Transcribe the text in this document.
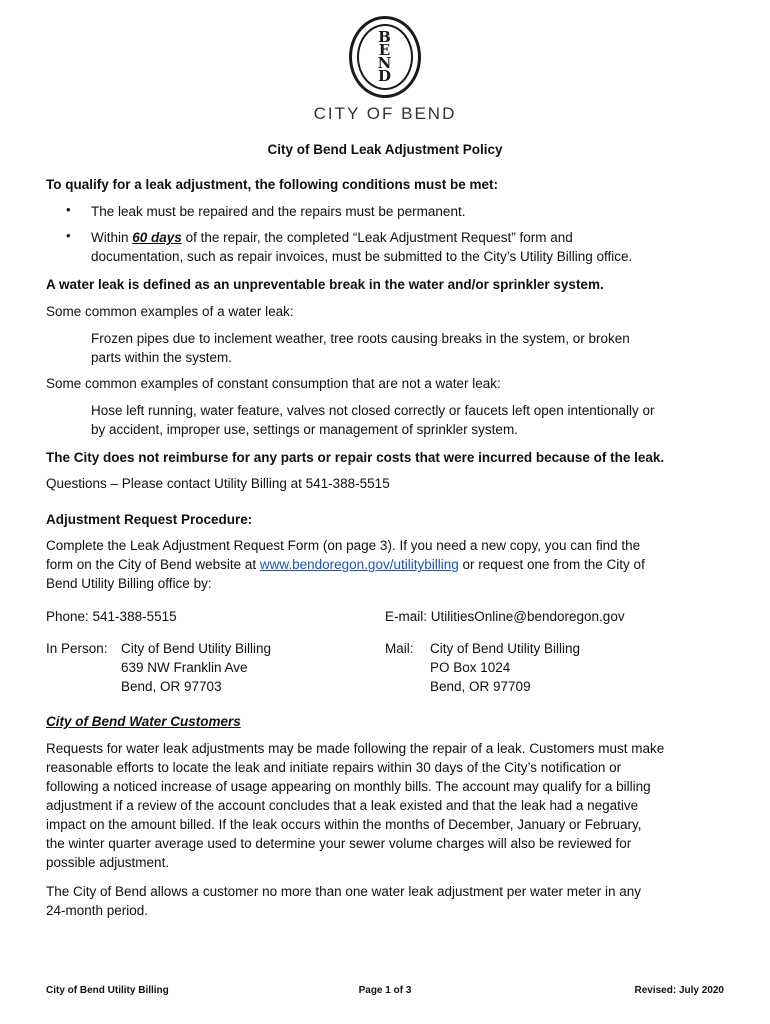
B
E
N
D
CITY OF BEND

City of Bend Leak Adjustment Policy

To qualify for a leak adjustment, the following conditions must be met:

• The leak must be repaired and the repairs must be permanent.

• Within 60 days of the repair, the completed “Leak Adjustment Request” form and
documentation, such as repair invoices, must be submitted to the City’s Utility Billing office.

A water leak is defined as an unpreventable break in the water and/or sprinkler system.

Some common examples of a water leak:

Frozen pipes due to inclement weather, tree roots causing breaks in the system, or broken
parts within the system.

Some common examples of constant consumption that are not a water leak:

Hose left running, water feature, valves not closed correctly or faucets left open intentionally or
by accident, improper use, settings or management of sprinkler system.

The City does not reimburse for any parts or repair costs that were incurred because of the leak.

Questions – Please contact Utility Billing at 541-388-5515

Adjustment Request Procedure:

Complete the Leak Adjustment Request Form (on page 3). If you need a new copy, you can find the
form on the City of Bend website at www.bendoregon.gov/utilitybilling or request one from the City of
Bend Utility Billing office by:

Phone: 541-388-5515	E-mail: UtilitiesOnline@bendoregon.gov

In Person: City of Bend Utility Billing
639 NW Franklin Ave
Bend, OR 97703

Mail: City of Bend Utility Billing
PO Box 1024
Bend, OR 97709

City of Bend Water Customers

Requests for water leak adjustments may be made following the repair of a leak. Customers must make
reasonable efforts to locate the leak and initiate repairs within 30 days of the City’s notification or
following a noticed increase of usage appearing on monthly bills. The account may qualify for a billing
adjustment if a review of the account concludes that a leak existed and that the leak had a negative
impact on the amount billed. If the leak occurs within the months of December, January or February,
the winter quarter average used to determine your sewer volume charges will also be reviewed for
possible adjustment.

The City of Bend allows a customer no more than one water leak adjustment per water meter in any
24-month period.

City of Bend Utility Billing	Page 1 of 3	Revised: July 2020
